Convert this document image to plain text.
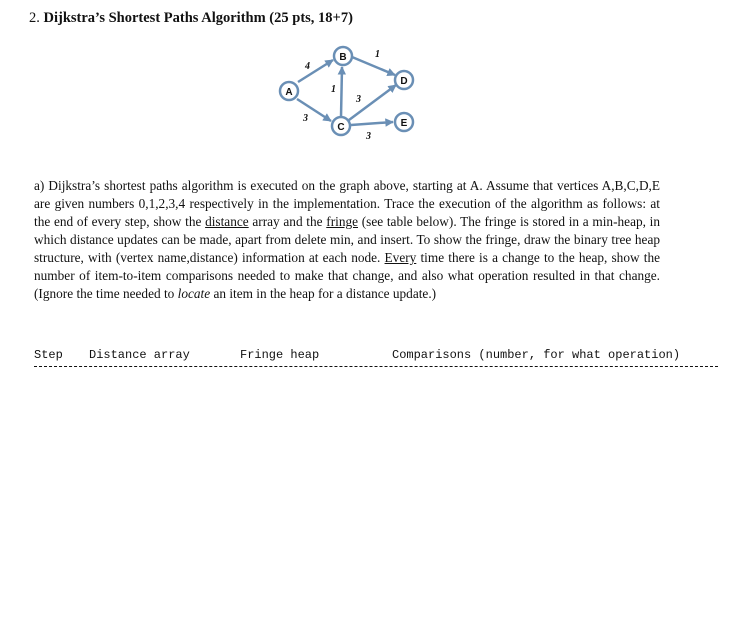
2. Dijkstra’s Shortest Paths Algorithm (25 pts, 18+7)
4
3
1
1
3
3
A
B
C
D
E
a) Dijkstra’s shortest paths algorithm is executed on the graph above, starting at A. Assume that vertices A,B,C,D,E are given numbers 0,1,2,3,4 respectively in the implementation. Trace the execution of the algorithm as follows: at the end of every step, show the distance array and the fringe (see table below). The fringe is stored in a min-heap, in which distance updates can be made, apart from delete min, and insert. To show the fringe, draw the binary tree heap structure, with (vertex name,distance) information at each node. Every time there is a change to the heap, show the number of item-to-item comparisons needed to make that change, and also what operation resulted in that change. (Ignore the time needed to locate an item in the heap for a distance update.)

Step

Distance array

	Fringe heap

	Comparisons (number, for what operation)
